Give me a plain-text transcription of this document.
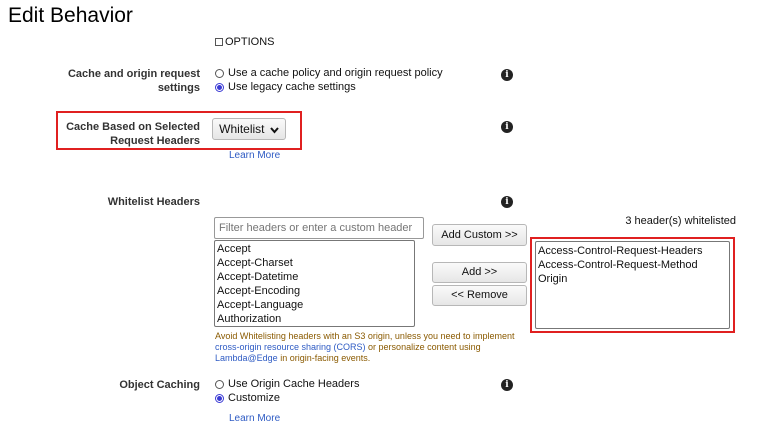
Edit Behavior
OPTIONS
Cache and origin request
settings
Use a cache policy and origin request policy
Use legacy cache settings
i
Cache Based on Selected
Request Headers
Whitelist	i
Learn More
Whitelist Headers	i
Filter headers or enter a custom header
Accept
Accept-Charset
Accept-Datetime
Accept-Encoding
Accept-Language
Authorization
Add Custom >>
Add >>
<< Remove
3 header(s) whitelisted
Access-Control-Request-Headers
Access-Control-Request-Method
Origin
Avoid Whitelisting headers with an S3 origin, unless you need to implement cross-origin resource sharing (CORS) or personalize content using Lambda@Edge in origin-facing events.
Object Caching	Use Origin Cache Headers
Customize
i
Learn More
